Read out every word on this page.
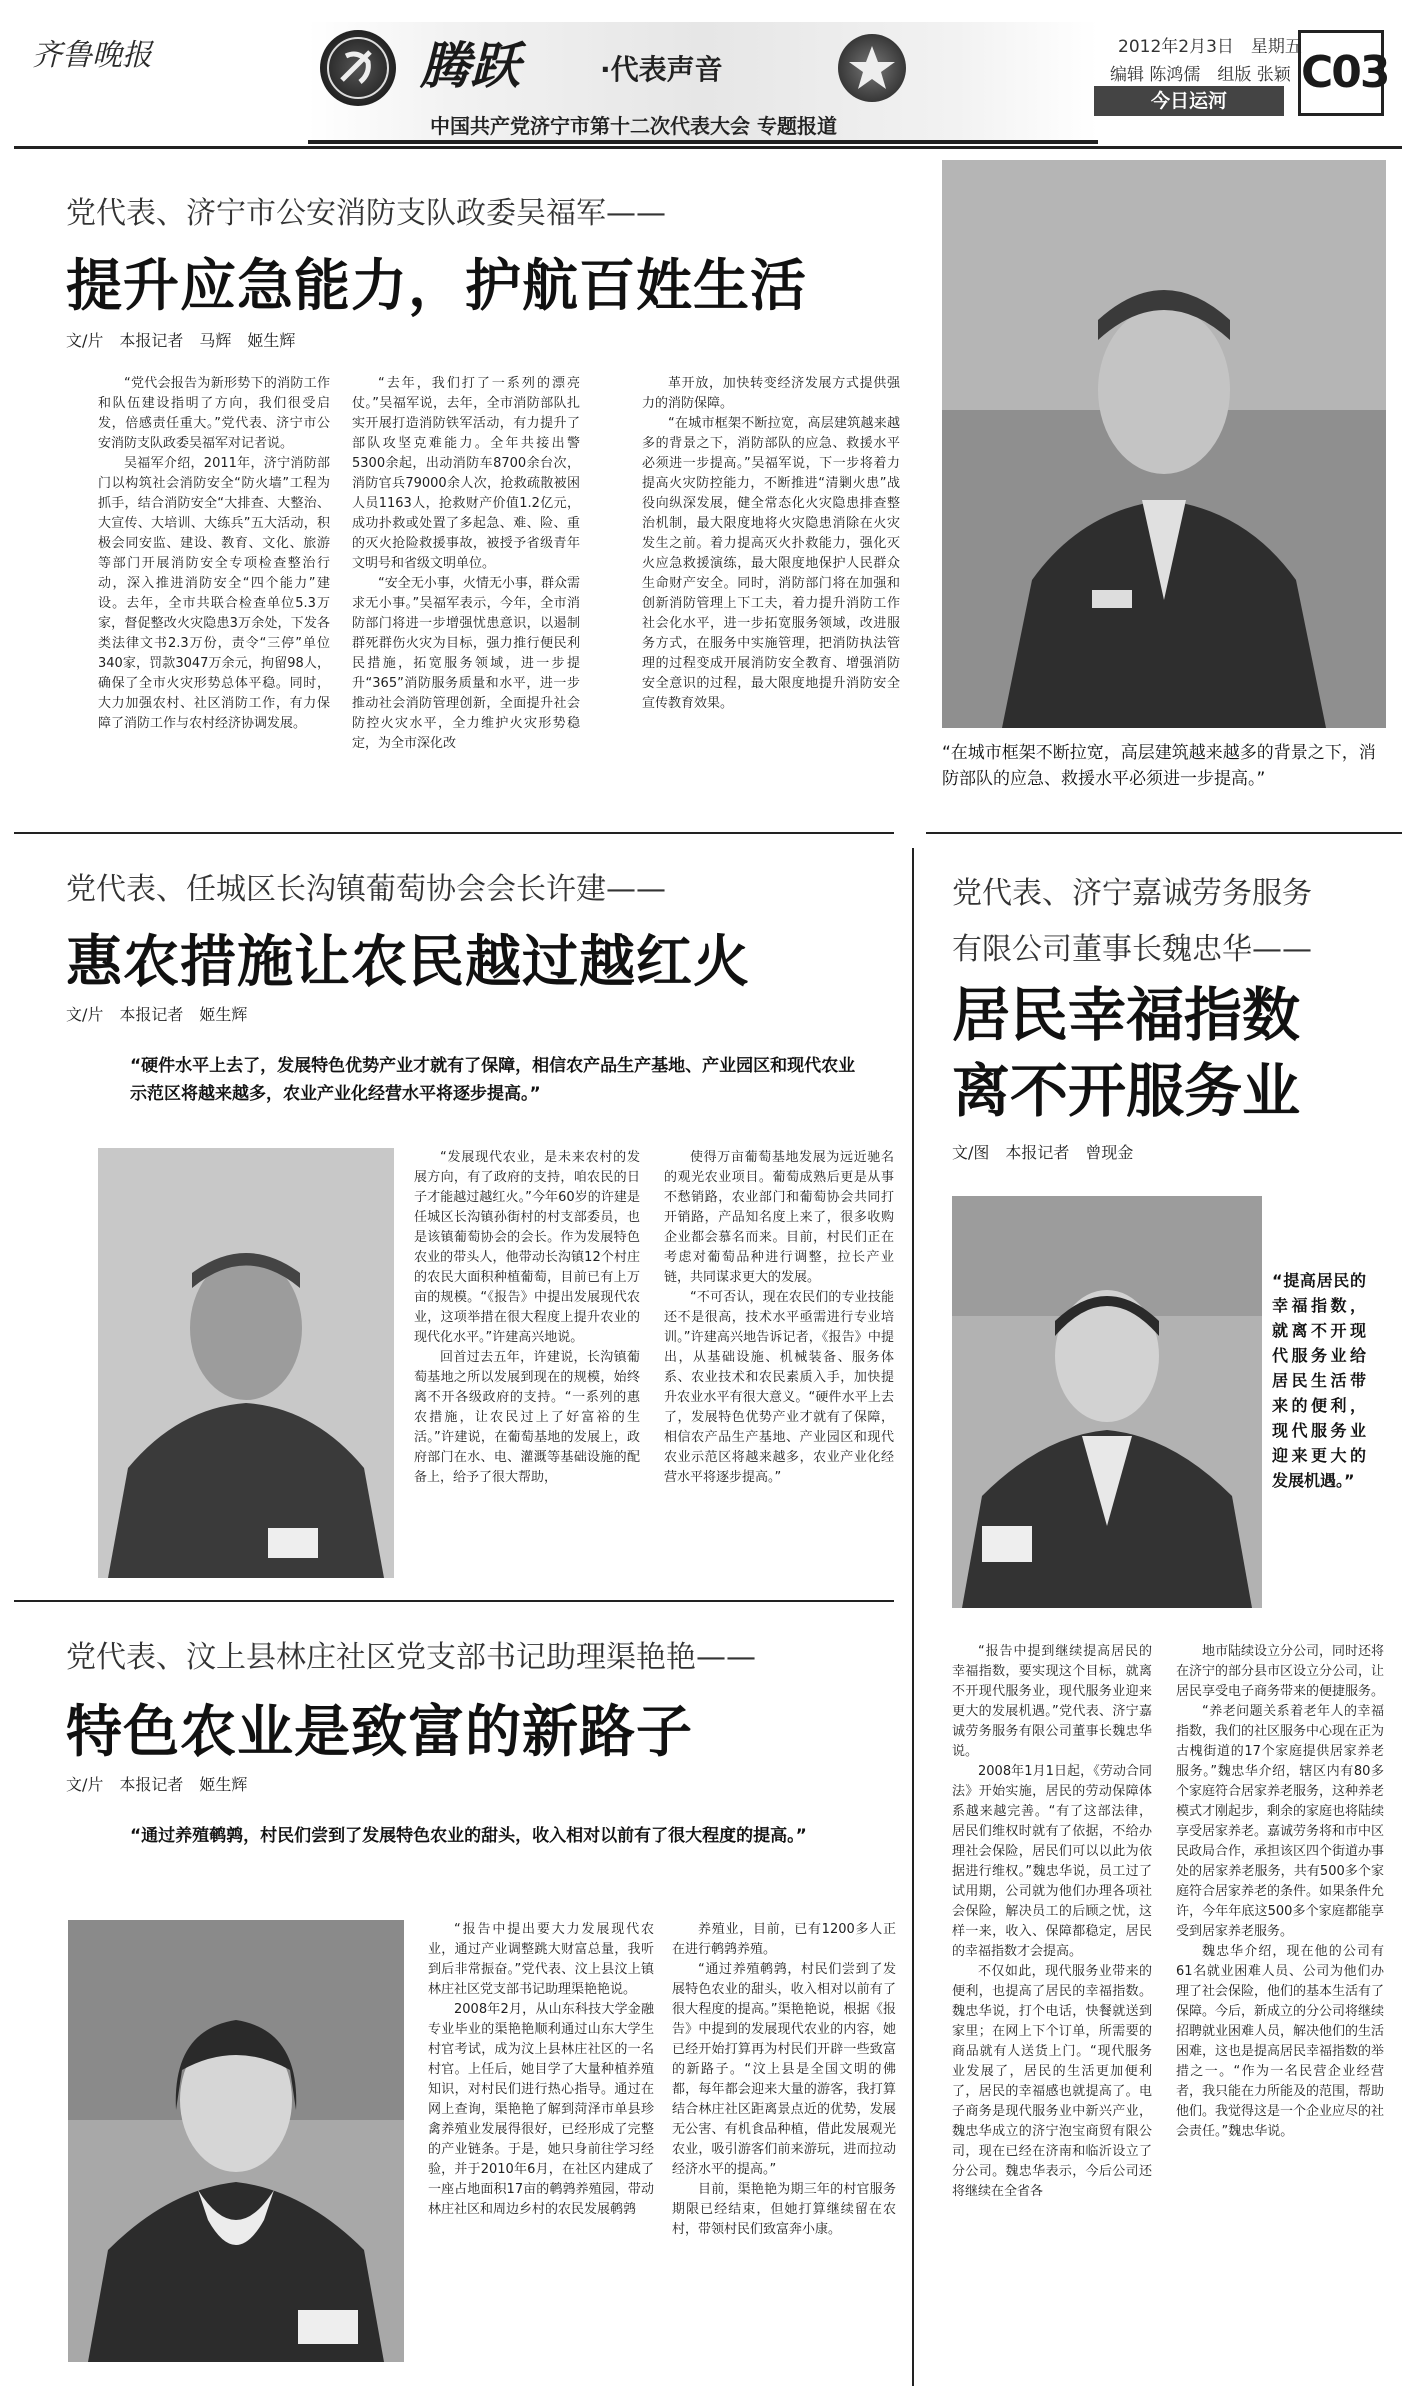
齐鲁晚报	腾跃	·代表声音
中国共产党济宁市第十二次代表大会 专题报道
2012年2月3日　星期五
编辑 陈鸿儒　组版 张颖
今日运河
C03
党代表、济宁市公安消防支队政委吴福军——
提升应急能力，护航百姓生活
文/片　本报记者　马辉　姬生辉

“党代会报告为新形势下的消防工作和队伍建设指明了方向，我们很受启发，倍感责任重大。”党代表、济宁市公安消防支队政委吴福军对记者说。

吴福军介绍，2011年，济宁消防部门以构筑社会消防安全“防火墙”工程为抓手，结合消防安全“大排查、大整治、大宣传、大培训、大练兵”五大活动，积极会同安监、建设、教育、文化、旅游等部门开展消防安全专项检查整治行动，深入推进消防安全“四个能力”建设。去年，全市共联合检查单位5.3万家，督促整改火灾隐患3万余处，下发各类法律文书2.3万份，责令“三停”单位340家，罚款3047万余元，拘留98人，确保了全市火灾形势总体平稳。同时，大力加强农村、社区消防工作，有力保障了消防工作与农村经济协调发展。

“去年，我们打了一系列的漂亮仗。”吴福军说，去年，全市消防部队扎实开展打造消防铁军活动，有力提升了部队攻坚克难能力。全年共接出警5300余起，出动消防车8700余台次，消防官兵79000余人次，抢救疏散被困人员1163人，抢救财产价值1.2亿元，成功扑救或处置了多起急、难、险、重的灭火抢险救援事故，被授予省级青年文明号和省级文明单位。

“安全无小事，火情无小事，群众需求无小事。”吴福军表示，今年，全市消防部门将进一步增强忧患意识，以遏制群死群伤火灾为目标，强力推行便民利民措施，拓宽服务领域，进一步提升“365”消防服务质量和水平，进一步推动社会消防管理创新，全面提升社会防控火灾水平，全力维护火灾形势稳定，为全市深化改

革开放，加快转变经济发展方式提供强力的消防保障。

“在城市框架不断拉宽，高层建筑越来越多的背景之下，消防部队的应急、救援水平必须进一步提高。”吴福军说，下一步将着力提高火灾防控能力，不断推进“清剿火患”战役向纵深发展，健全常态化火灾隐患排查整治机制，最大限度地将火灾隐患消除在火灾发生之前。着力提高灭火扑救能力，强化灭火应急救援演练，最大限度地保护人民群众生命财产安全。同时，消防部门将在加强和创新消防管理上下工夫，着力提升消防工作社会化水平，进一步拓宽服务领域，改进服务方式，在服务中实施管理，把消防执法管理的过程变成开展消防安全教育、增强消防安全意识的过程，最大限度地提升消防安全宣传教育效果。

“在城市框架不断拉宽，高层建筑越来越多的背景之下，消防部队的应急、救援水平必须进一步提高。”
党代表、任城区长沟镇葡萄协会会长许建——
惠农措施让农民越过越红火
文/片　本报记者　姬生辉
“硬件水平上去了，发展特色优势产业才就有了保障，相信农产品生产基地、产业园区和现代农业示范区将越来越多，农业产业化经营水平将逐步提高。”

“发展现代农业，是未来农村的发展方向，有了政府的支持，咱农民的日子才能越过越红火。”今年60岁的许建是任城区长沟镇孙街村的村支部委员，也是该镇葡萄协会的会长。作为发展特色农业的带头人，他带动长沟镇12个村庄的农民大面积种植葡萄，目前已有上万亩的规模。“《报告》中提出发展现代农业，这项举措在很大程度上提升农业的现代化水平。”许建高兴地说。

回首过去五年，许建说，长沟镇葡萄基地之所以发展到现在的规模，始终离不开各级政府的支持。“一系列的惠农措施，让农民过上了好富裕的生活。”许建说，在葡萄基地的发展上，政府部门在水、电、灌溉等基础设施的配备上，给予了很大帮助，

使得万亩葡萄基地发展为远近驰名的观光农业项目。葡萄成熟后更是从事不愁销路，农业部门和葡萄协会共同打开销路，产品知名度上来了，很多收购企业都会慕名而来。目前，村民们正在考虑对葡萄品种进行调整，拉长产业链，共同谋求更大的发展。

“不可否认，现在农民们的专业技能还不是很高，技术水平亟需进行专业培训。”许建高兴地告诉记者，《报告》中提出，从基础设施、机械装备、服务体系、农业技术和农民素质入手，加快提升农业水平有很大意义。“硬件水平上去了，发展特色优势产业才就有了保障，相信农产品生产基地、产业园区和现代农业示范区将越来越多，农业产业化经营水平将逐步提高。”

党代表、汶上县林庄社区党支部书记助理渠艳艳——
特色农业是致富的新路子
文/片　本报记者　姬生辉
“通过养殖鹌鹑，村民们尝到了发展特色农业的甜头，收入相对以前有了很大程度的提高。”

“报告中提出要大力发展现代农业，通过产业调整跳大财富总量，我听到后非常振奋。”党代表、汶上县汶上镇林庄社区党支部书记助理渠艳艳说。

2008年2月，从山东科技大学金融专业毕业的渠艳艳顺利通过山东大学生村官考试，成为汶上县林庄社区的一名村官。上任后，她目学了大量种植养殖知识，对村民们进行热心指导。通过在网上查询，渠艳艳了解到菏泽市单县珍禽养殖业发展得很好，已经形成了完整的产业链条。于是，她只身前往学习经验，并于2010年6月，在社区内建成了一座占地面积17亩的鹌鹑养殖园，带动林庄社区和周边乡村的农民发展鹌鹑

养殖业，目前，已有1200多人正在进行鹌鹑养殖。

“通过养殖鹌鹑，村民们尝到了发展特色农业的甜头，收入相对以前有了很大程度的提高。”渠艳艳说，根据《报告》中提到的发展现代农业的内容，她已经开始打算再为村民们开辟一些致富的新路子。“汶上县是全国文明的佛都，每年都会迎来大量的游客，我打算结合林庄社区距离景点近的优势，发展无公害、有机食品种植，借此发展观光农业，吸引游客们前来游玩，进而拉动经济水平的提高。”

目前，渠艳艳为期三年的村官服务期限已经结束，但她打算继续留在农村，带领村民们致富奔小康。

党代表、济宁嘉诚劳务服务
有限公司董事长魏忠华——
居民幸福指数
离不开服务业
文/图　本报记者　曾现金
“提高居民的幸福指数，就离不开现代服务业给居民生活带来的便利，现代服务业迎来更大的发展机遇。”

“报告中提到继续提高居民的幸福指数，要实现这个目标，就离不开现代服务业，现代服务业迎来更大的发展机遇。”党代表、济宁嘉诚劳务服务有限公司董事长魏忠华说。

2008年1月1日起，《劳动合同法》开始实施，居民的劳动保障体系越来越完善。“有了这部法律，居民们维权时就有了依据，不给办理社会保险，居民们可以以此为依据进行维权。”魏忠华说，员工过了试用期，公司就为他们办理各项社会保险，解决员工的后顾之忧，这样一来，收入、保障都稳定，居民的幸福指数才会提高。

不仅如此，现代服务业带来的便利，也提高了居民的幸福指数。魏忠华说，打个电话，快餐就送到家里；在网上下个订单，所需要的商品就有人送货上门。“现代服务业发展了，居民的生活更加便利了，居民的幸福感也就提高了。电子商务是现代服务业中新兴产业，魏忠华成立的济宁泡宝商贸有限公司，现在已经在济南和临沂设立了分公司。魏忠华表示，今后公司还将继续在全省各

地市陆续设立分公司，同时还将在济宁的部分县市区设立分公司，让居民享受电子商务带来的便捷服务。

“养老问题关系着老年人的幸福指数，我们的社区服务中心现在正为古槐街道的17个家庭提供居家养老服务。”魏忠华介绍，辖区内有80多个家庭符合居家养老服务，这种养老模式才刚起步，剩余的家庭也将陆续享受居家养老。嘉诚劳务将和市中区民政局合作，承担该区四个街道办事处的居家养老服务，共有500多个家庭符合居家养老的条件。如果条件允许，今年年底这500多个家庭都能享受到居家养老服务。

魏忠华介绍，现在他的公司有61名就业困难人员、公司为他们办理了社会保险，他们的基本生活有了保障。今后，新成立的分公司将继续招聘就业困难人员，解决他们的生活困难，这也是提高居民幸福指数的举措之一。“作为一名民营企业经营者，我只能在力所能及的范围，帮助他们。我觉得这是一个企业应尽的社会责任。”魏忠华说。
